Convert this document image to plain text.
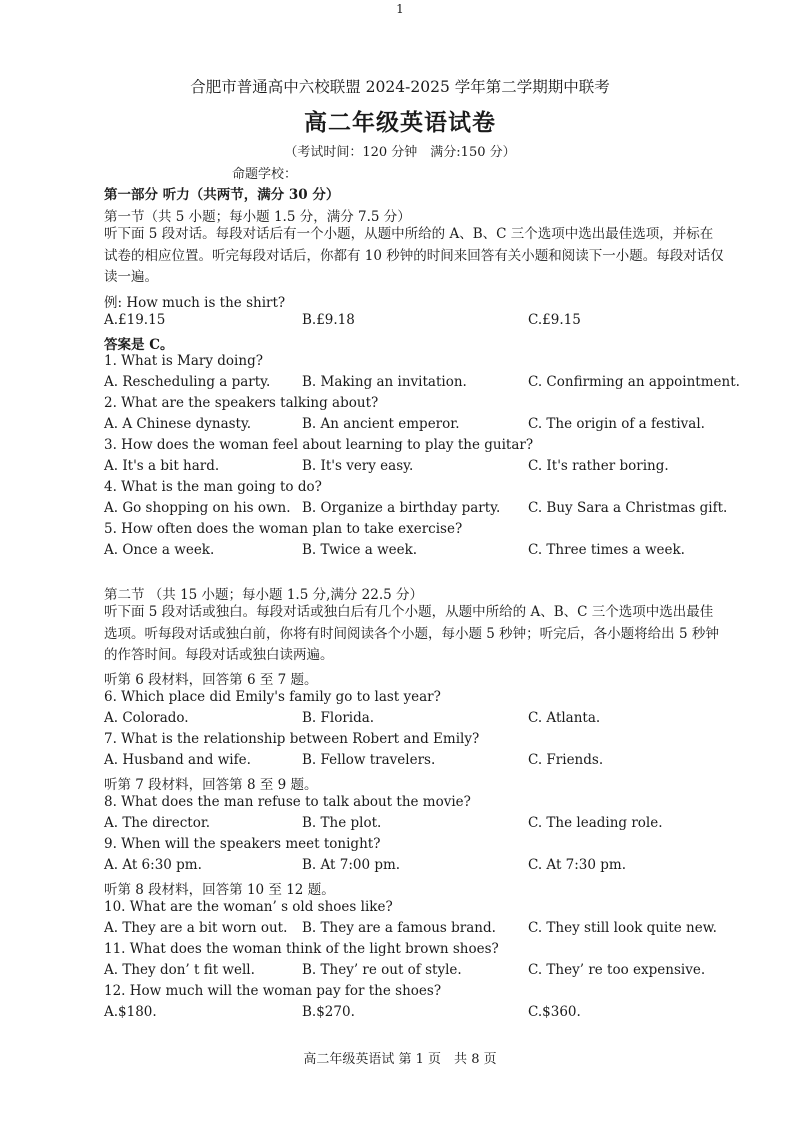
1
合肥市普通高中六校联盟 2024-2025 学年第二学期期中联考
高二年级英语试卷
（考试时间：120 分钟　满分:150 分）
命题学校：
第一部分 听力（共两节，满分 30 分）
第一节（共 5 小题；每小题 1.5 分，满分 7.5 分）
听下面 5 段对话。每段对话后有一个小题，从题中所给的 A、B、C 三个选项中选出最佳选项，并标在试卷的相应位置。听完每段对话后，你都有 10 秒钟的时间来回答有关小题和阅读下一小题。每段对话仅读一遍。
例: How much is the shirt?
A.£19.15	B.£9.18	C.£9.15
答案是 C。
1. What is Mary doing?
A. Rescheduling a party. B. Making an invitation.	C. Confirming an appointment.
2. What are the speakers talking about?
A. A Chinese dynasty.	B. An ancient emperor.	C. The origin of a festival.
3. How does the woman feel about learning to play the guitar?
A. It's a bit hard.	B. It's very easy.	C. It's rather boring.
4. What is the man going to do?
A. Go shopping on his own. B. Organize a birthday party. C. Buy Sara a Christmas gift.
5. How often does the woman plan to take exercise?
A. Once a week.	B. Twice a week.	C. Three times a week.
第二节 （共 15 小题；每小题 1.5 分,满分 22.5 分）
听下面 5 段对话或独白。每段对话或独白后有几个小题，从题中所给的 A、B、C 三个选项中选出最佳选项。听每段对话或独白前，你将有时间阅读各个小题，每小题 5 秒钟；听完后，各小题将给出 5 秒钟的作答时间。每段对话或独白读两遍。
听第 6 段材料，回答第 6 至 7 题。
6. Which place did Emily's family go to last year?
A. Colorado.	B. Florida.	C. Atlanta.
7. What is the relationship between Robert and Emily?
A. Husband and wife.	B. Fellow travelers.	C. Friends.
听第 7 段材料，回答第 8 至 9 题。
8. What does the man refuse to talk about the movie?
A. The director.	B. The plot.	C. The leading role.
9. When will the speakers meet tonight?
A. At 6:30 pm.	B. At 7:00 pm.	C. At 7:30 pm.
听第 8 段材料，回答第 10 至 12 题。
10. What are the woman’ s old shoes like?
A. They are a bit worn out. B. They are a famous brand. C. They still look quite new.
11. What does the woman think of the light brown shoes?
A. They don’ t fit well.	B. They’ re out of style.	C. They’ re too expensive.
12. How much will the woman pay for the shoes?
A.$180.	B.$270.	C.$360.
高二年级英语试 第 1 页　共 8 页
